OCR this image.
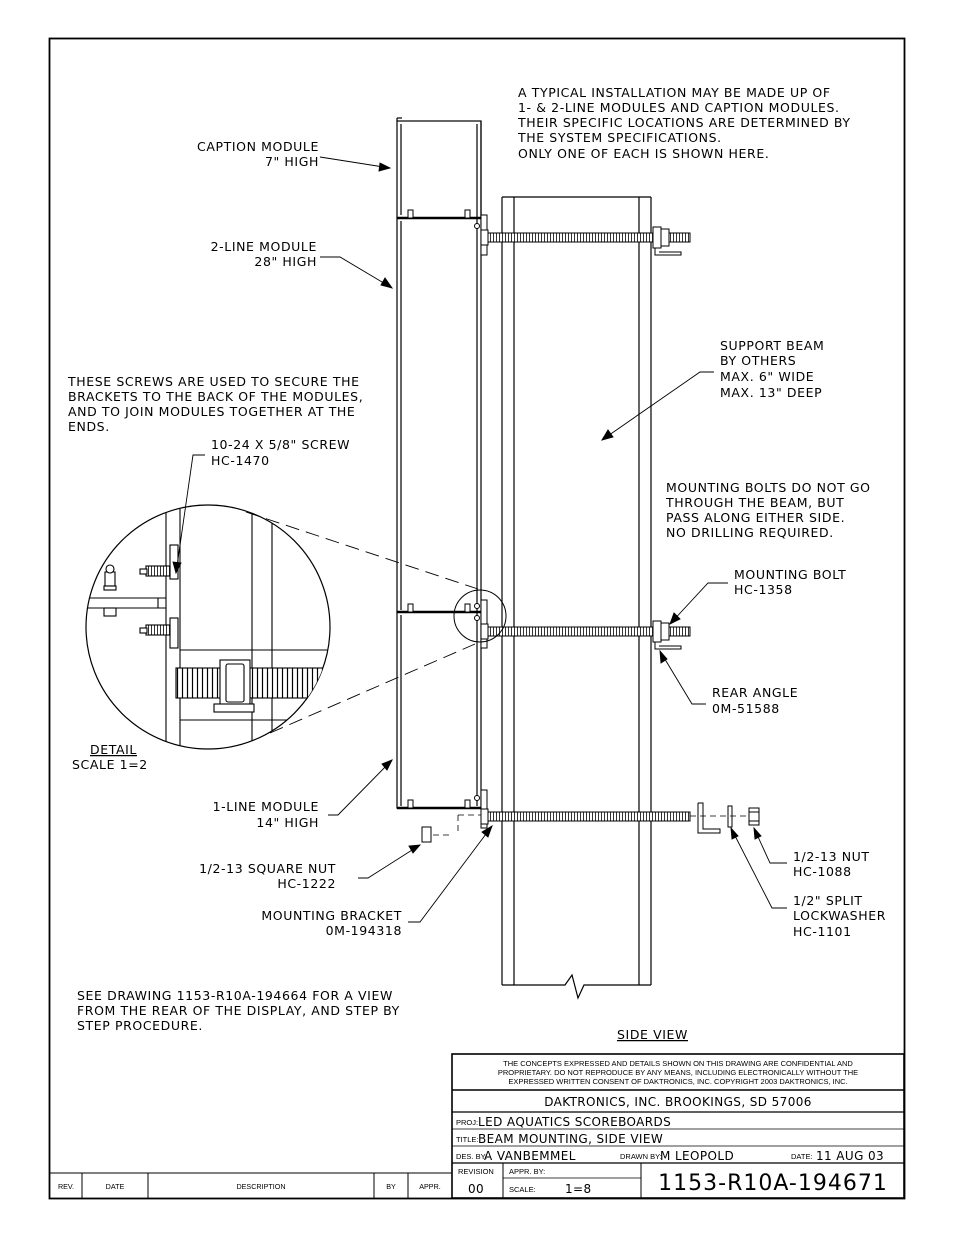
A TYPICAL INSTALLATION MAY BE MADE UP OF
1- & 2-LINE MODULES AND CAPTION MODULES.
THEIR SPECIFIC LOCATIONS ARE DETERMINED BY
THE SYSTEM SPECIFICATIONS.
ONLY ONE OF EACH IS SHOWN HERE.
CAPTION MODULE
7" HIGH
2-LINE MODULE
28" HIGH
SUPPORT BEAM
BY OTHERS
MAX. 6" WIDE
MAX. 13" DEEP
THESE SCREWS ARE USED TO SECURE THE
BRACKETS TO THE BACK OF THE MODULES,
AND TO JOIN MODULES TOGETHER AT THE
ENDS.
10-24 X 5/8" SCREW
HC-1470
MOUNTING BOLTS DO NOT GO
THROUGH THE BEAM, BUT
PASS ALONG EITHER SIDE.
NO DRILLING REQUIRED.
MOUNTING BOLT
HC-1358
REAR ANGLE
0M-51588
DETAIL
SCALE 1=2
1-LINE MODULE
14" HIGH
1/2-13 SQUARE NUT
HC-1222
1/2-13 NUT
HC-1088
1/2" SPLIT
LOCKWASHER
HC-1101
MOUNTING BRACKET
0M-194318
SEE DRAWING 1153-R10A-194664 FOR A VIEW
FROM THE REAR OF THE DISPLAY, AND STEP BY
STEP PROCEDURE.
SIDE VIEW
REV.	DATE	DESCRIPTION	BY	APPR.
THE CONCEPTS EXPRESSED AND DETAILS SHOWN ON THIS DRAWING ARE CONFIDENTIAL AND
PROPRIETARY. DO NOT REPRODUCE BY ANY MEANS, INCLUDING ELECTRONICALLY WITHOUT THE
EXPRESSED WRITTEN CONSENT OF DAKTRONICS, INC. COPYRIGHT 2003 DAKTRONICS, INC.
DAKTRONICS, INC. BROOKINGS, SD 57006
PROJ: LED AQUATICS SCOREBOARDS
TITLE: BEAM MOUNTING, SIDE VIEW
DES. BY:
A VANBEMMEL	DRAWN BY:
M LEOPOLD	DATE: 11 AUG 03
REVISION
00
APPR. BY:
SCALE: 1=8	1153-R10A-194671
